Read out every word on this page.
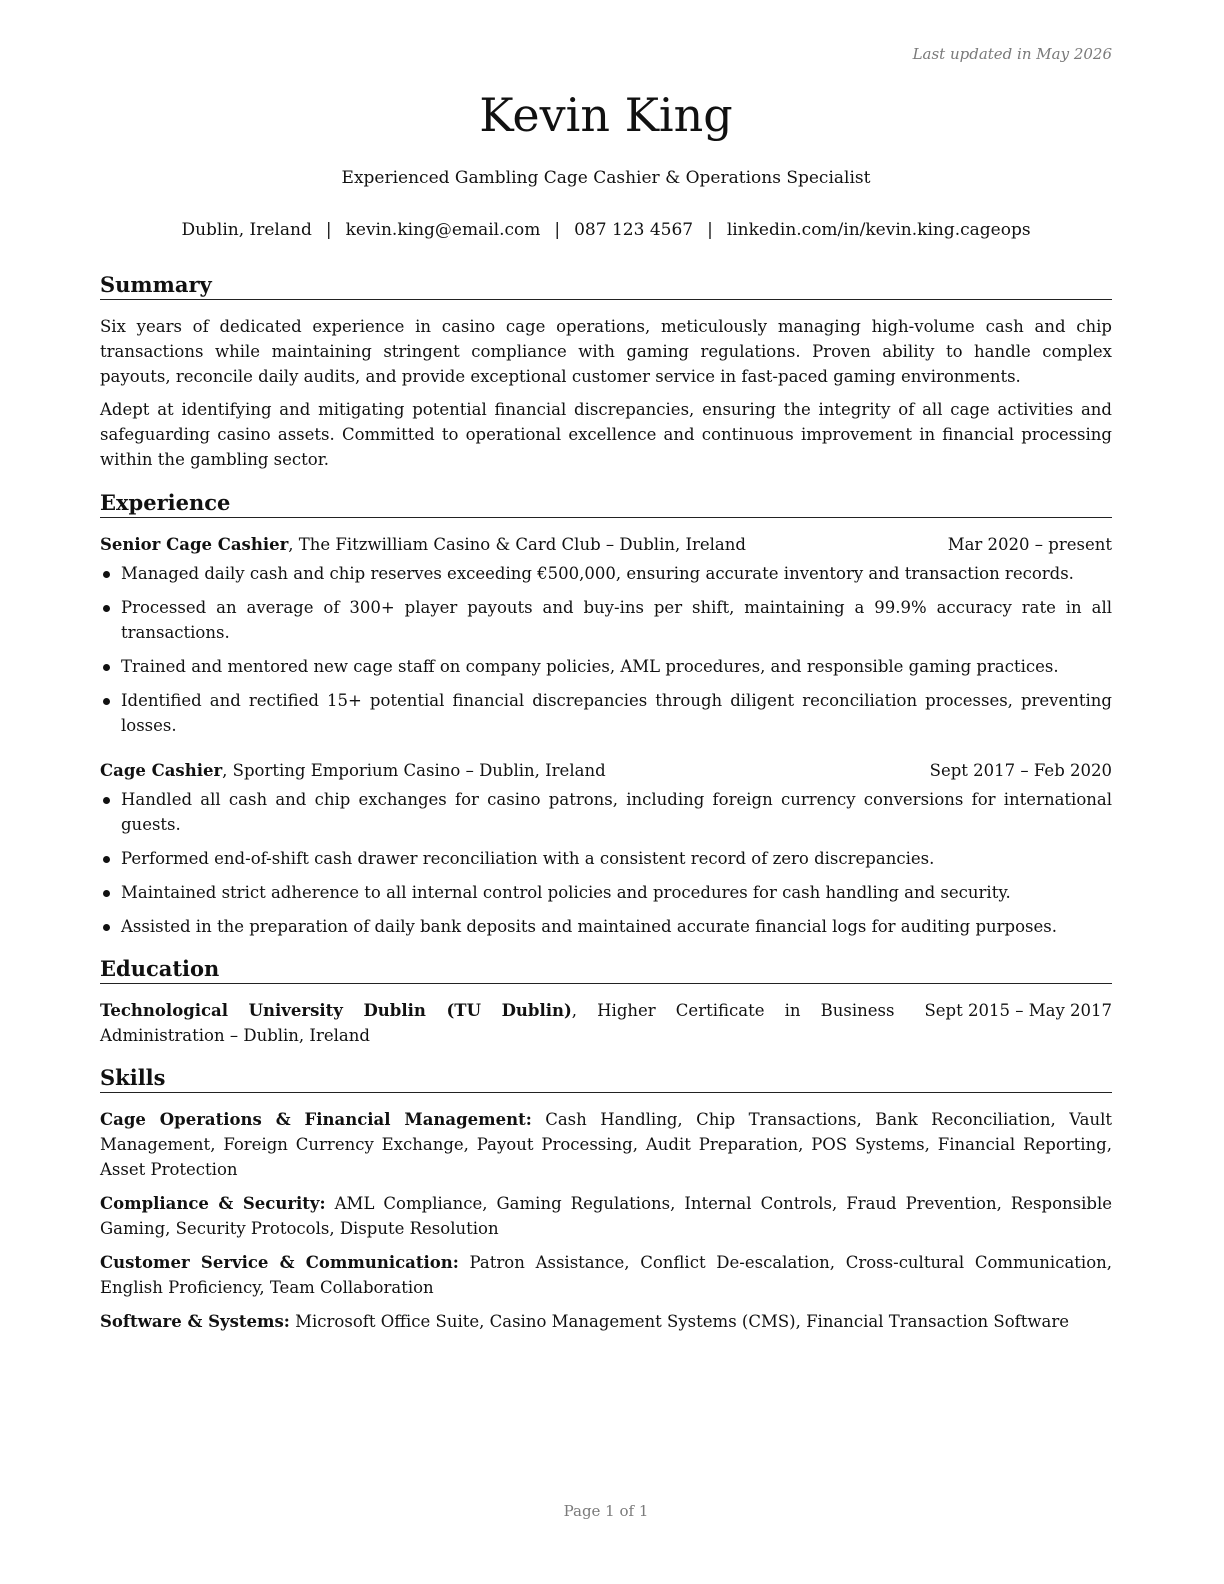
Last updated in May 2026
Kevin King
Experienced Gambling Cage Cashier & Operations Specialist
Dublin, Ireland | kevin.king@email.com | 087 123 4567 | linkedin.com/in/kevin.king.cageops
Summary

Six years of dedicated experience in casino cage operations, meticulously managing high-volume cash and chip transactions while maintaining stringent compliance with gaming regulations. Proven ability to handle complex payouts, reconcile daily audits, and provide exceptional customer service in fast-paced gaming environments.

Adept at identifying and mitigating potential financial discrepancies, ensuring the integrity of all cage activities and safeguarding casino assets. Committed to operational excellence and continuous improvement in financial processing within the gambling sector.

Experience
Senior Cage Cashier, The Fitzwilliam Casino & Card Club – Dublin, Ireland	Mar 2020 – present
Managed daily cash and chip reserves exceeding €500,000, ensuring accurate inventory and transaction records.
Processed an average of 300+ player payouts and buy-ins per shift, maintaining a 99.9% accuracy rate in all transactions.
Trained and mentored new cage staff on company policies, AML procedures, and responsible gaming practices.
Identified and rectified 15+ potential financial discrepancies through diligent reconciliation processes, preventing losses.
Cage Cashier, Sporting Emporium Casino – Dublin, Ireland	Sept 2017 – Feb 2020
Handled all cash and chip exchanges for casino patrons, including foreign currency conversions for international guests.
Performed end-of-shift cash drawer reconciliation with a consistent record of zero discrepancies.
Maintained strict adherence to all internal control policies and procedures for cash handling and security.
Assisted in the preparation of daily bank deposits and maintained accurate financial logs for auditing purposes.
Education
Technological University Dublin (TU Dublin), Higher Certificate in Business Administration – Dublin, Ireland
Sept 2015 – May 2017
Skills

Cage Operations & Financial Management: Cash Handling, Chip Transactions, Bank Reconciliation, Vault Management, Foreign Currency Exchange, Payout Processing, Audit Preparation, POS Systems, Financial Reporting, Asset Protection

Compliance & Security: AML Compliance, Gaming Regulations, Internal Controls, Fraud Prevention, Responsible Gaming, Security Protocols, Dispute Resolution

Customer Service & Communication: Patron Assistance, Conflict De-escalation, Cross-cultural Communication, English Proficiency, Team Collaboration

Software & Systems: Microsoft Office Suite, Casino Management Systems (CMS), Financial Transaction Software

Page 1 of 1
